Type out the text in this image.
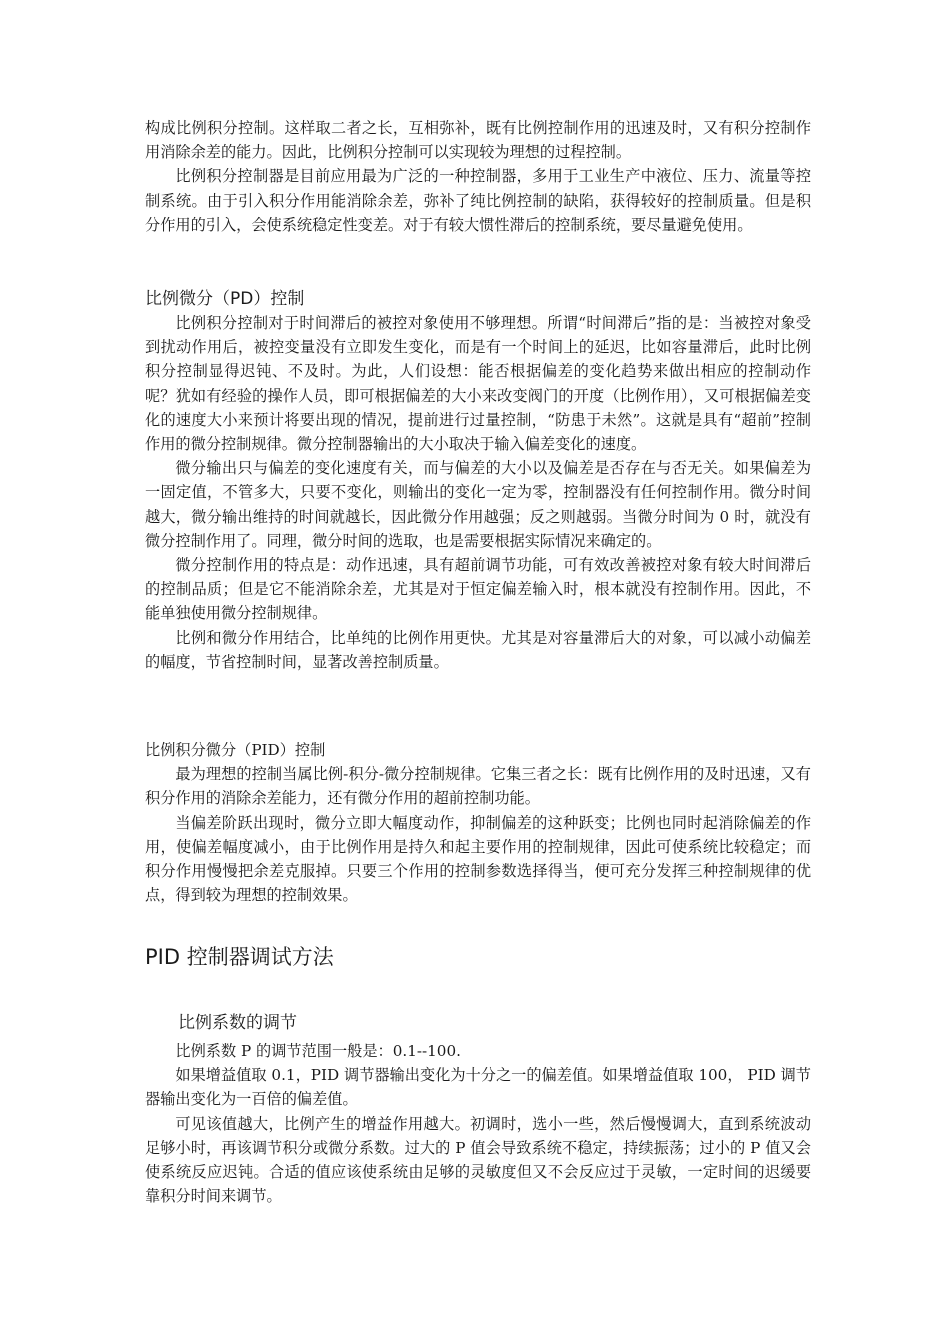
构成比例积分控制。这样取二者之长，互相弥补，既有比例控制作用的迅速及时，又有积分控制作用消除余差的能力。因此，比例积分控制可以实现较为理想的过程控制。

比例积分控制器是目前应用最为广泛的一种控制器，多用于工业生产中液位、压力、流量等控制系统。由于引入积分作用能消除余差，弥补了纯比例控制的缺陷，获得较好的控制质量。但是积分作用的引入，会使系统稳定性变差。对于有较大惯性滞后的控制系统，要尽量避免使用。

比例微分（PD）控制

比例积分控制对于时间滞后的被控对象使用不够理想。所谓“时间滞后”指的是：当被控对象受到扰动作用后，被控变量没有立即发生变化，而是有一个时间上的延迟，比如容量滞后，此时比例积分控制显得迟钝、不及时。为此，人们设想：能否根据偏差的变化趋势来做出相应的控制动作呢？犹如有经验的操作人员，即可根据偏差的大小来改变阀门的开度（比例作用），又可根据偏差变化的速度大小来预计将要出现的情况，提前进行过量控制，“防患于未然”。这就是具有“超前”控制作用的微分控制规律。微分控制器输出的大小取决于输入偏差变化的速度。

微分输出只与偏差的变化速度有关，而与偏差的大小以及偏差是否存在与否无关。如果偏差为一固定值，不管多大，只要不变化，则输出的变化一定为零，控制器没有任何控制作用。微分时间越大，微分输出维持的时间就越长，因此微分作用越强；反之则越弱。当微分时间为 0 时，就没有微分控制作用了。同理，微分时间的选取，也是需要根据实际情况来确定的。

微分控制作用的特点是：动作迅速，具有超前调节功能，可有效改善被控对象有较大时间滞后的控制品质；但是它不能消除余差，尤其是对于恒定偏差输入时，根本就没有控制作用。因此，不能单独使用微分控制规律。

比例和微分作用结合，比单纯的比例作用更快。尤其是对容量滞后大的对象，可以减小动偏差的幅度，节省控制时间，显著改善控制质量。

比例积分微分（PID）控制

最为理想的控制当属比例-积分-微分控制规律。它集三者之长：既有比例作用的及时迅速，又有积分作用的消除余差能力，还有微分作用的超前控制功能。

当偏差阶跃出现时，微分立即大幅度动作，抑制偏差的这种跃变；比例也同时起消除偏差的作用，使偏差幅度减小，由于比例作用是持久和起主要作用的控制规律，因此可使系统比较稳定；而积分作用慢慢把余差克服掉。只要三个作用的控制参数选择得当，便可充分发挥三种控制规律的优点，得到较为理想的控制效果。

PID 控制器调试方法
比例系数的调节

比例系数 P 的调节范围一般是：0.1--100.

如果增益值取 0.1，PID 调节器输出变化为十分之一的偏差值。如果增益值取 100， PID 调节器输出变化为一百倍的偏差值。

可见该值越大，比例产生的增益作用越大。初调时，选小一些，然后慢慢调大，直到系统波动足够小时，再该调节积分或微分系数。过大的 P 值会导致系统不稳定，持续振荡；过小的 P 值又会使系统反应迟钝。合适的值应该使系统由足够的灵敏度但又不会反应过于灵敏，一定时间的迟缓要靠积分时间来调节。
